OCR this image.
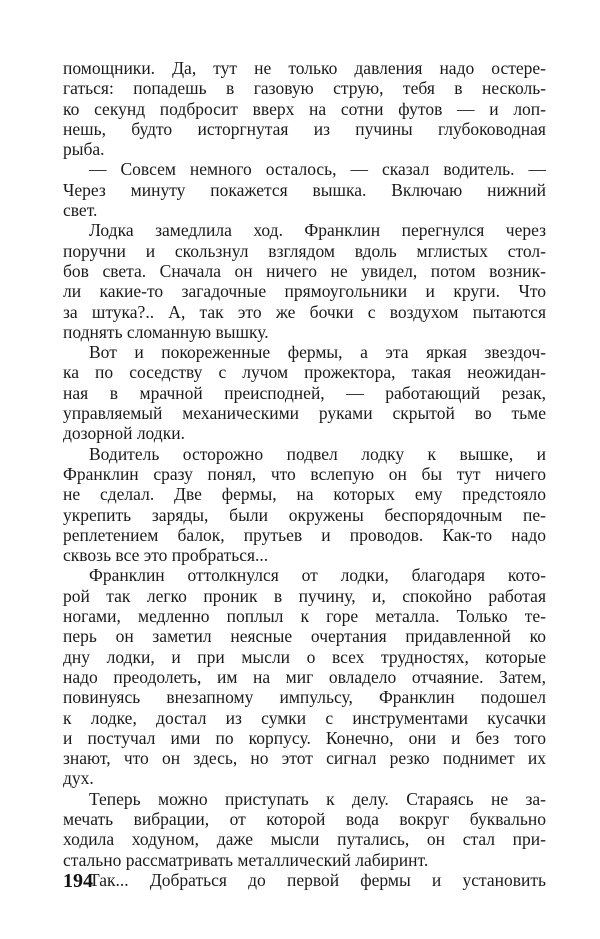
помощники. Да, тут не только давления надо остере-
гаться: попадешь в газовую струю, тебя в несколь-
ко секунд подбросит вверх на сотни футов — и лоп-
нешь, будто исторгнутая из пучины глубоководная
рыба.
— Совсем немного осталось, — сказал водитель. —
Через минуту покажется вышка. Включаю нижний
свет.
Лодка замедлила ход. Франклин перегнулся через
поручни и скользнул взглядом вдоль мглистых стол-
бов света. Сначала он ничего не увидел, потом возник-
ли какие-то загадочные прямоугольники и круги. Что
за штука?.. А, так это же бочки с воздухом пытаются
поднять сломанную вышку.
Вот и покореженные фермы, а эта яркая звездоч-
ка по соседству с лучом прожектора, такая неожидан-
ная в мрачной преисподней, — работающий резак,
управляемый механическими руками скрытой во тьме
дозорной лодки.
Водитель осторожно подвел лодку к вышке, и
Франклин сразу понял, что вслепую он бы тут ничего
не сделал. Две фермы, на которых ему предстояло
укрепить заряды, были окружены беспорядочным пе-
реплетением балок, прутьев и проводов. Как-то надо
сквозь все это пробраться...
Франклин оттолкнулся от лодки, благодаря кото-
рой так легко проник в пучину, и, спокойно работая
ногами, медленно поплыл к горе металла. Только те-
перь он заметил неясные очертания придавленной ко
дну лодки, и при мысли о всех трудностях, которые
надо преодолеть, им на миг овладело отчаяние. Затем,
повинуясь внезапному импульсу, Франклин подошел
к лодке, достал из сумки с инструментами кусачки
и постучал ими по корпусу. Конечно, они и без того
знают, что он здесь, но этот сигнал резко поднимет их
дух.
Теперь можно приступать к делу. Стараясь не за-
мечать вибрации, от которой вода вокруг буквально
ходила ходуном, даже мысли путались, он стал при-
стально рассматривать металлический лабиринт.
Так... Добраться до первой фермы и установить
194
